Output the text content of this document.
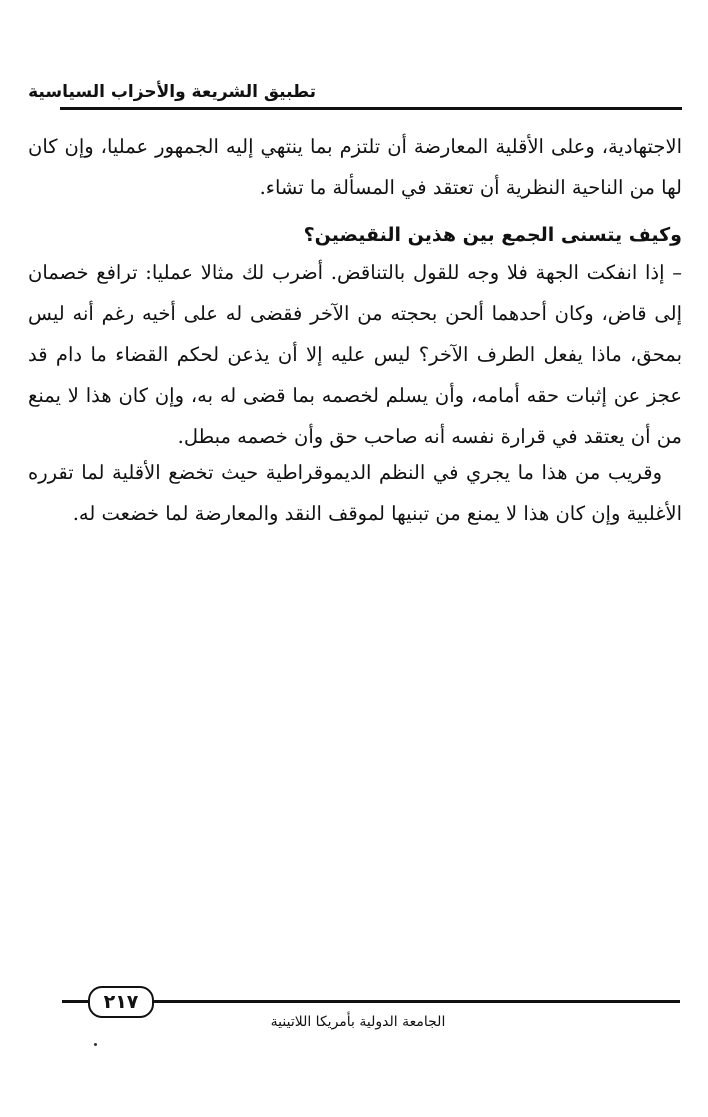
تطبيق الشريعة والأحزاب السياسية

الاجتهادية، وعلى الأقلية المعارضة أن تلتزم بما ينتهي إليه الجمهور عمليا، وإن كان لها من الناحية النظرية أن تعتقد في المسألة ما تشاء.

وكيف يتسنى الجمع بين هذين النقيضين؟

– إذا انفكت الجهة فلا وجه للقول بالتناقض. أضرب لك مثالا عمليا: ترافع خصمان إلى قاض، وكان أحدهما ألحن بحجته من الآخر فقضى له على أخيه رغم أنه ليس بمحق، ماذا يفعل الطرف الآخر؟ ليس عليه إلا أن يذعن لحكم القضاء ما دام قد عجز عن إثبات حقه أمامه، وأن يسلم لخصمه بما قضى له به، وإن كان هذا لا يمنع من أن يعتقد في قرارة نفسه أنه صاحب حق وأن خصمه مبطل.

وقريب من هذا ما يجري في النظم الديموقراطية حيث تخضع الأقلية لما تقرره الأغلبية وإن كان هذا لا يمنع من تبنيها لموقف النقد والمعارضة لما خضعت له.

٢١٧
الجامعة الدولية بأمريكا اللاتينية
